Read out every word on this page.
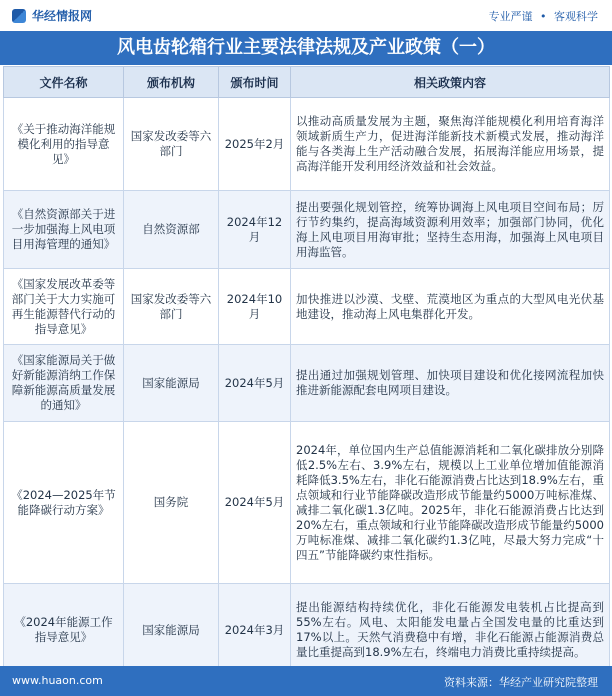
华经情报网	专业严谨 • 客观科学
风电齿轮箱行业主要法律法规及产业政策（一）
文件名称	颁布机构	颁布时间	相关政策内容
《关于推动海洋能规模化利用的指导意见》	国家发改委等六部门	2025年2月	以推动高质量发展为主题，聚焦海洋能规模化利用培育海洋领域新质生产力，促进海洋能新技术新模式发展，推动海洋能与各类海上生产活动融合发展，拓展海洋能应用场景，提高海洋能开发利用经济效益和社会效益。
《自然资源部关于进一步加强海上风电项目用海管理的通知》	自然资源部	2024年12月	提出要强化规划管控，统筹协调海上风电项目空间布局；厉行节约集约，提高海域资源利用效率；加强部门协同，优化海上风电项目用海审批；坚持生态用海，加强海上风电项目用海监管。
《国家发展改革委等部门关于大力实施可再生能源替代行动的指导意见》	国家发改委等六部门	2024年10月	加快推进以沙漠、戈壁、荒漠地区为重点的大型风电光伏基地建设，推动海上风电集群化开发。
《国家能源局关于做好新能源消纳工作保障新能源高质量发展的通知》	国家能源局	2024年5月	提出通过加强规划管理、加快项目建设和优化接网流程加快推进新能源配套电网项目建设。
《2024—2025年节能降碳行动方案》	国务院	2024年5月	2024年，单位国内生产总值能源消耗和二氧化碳排放分别降低2.5%左右、3.9%左右，规模以上工业单位增加值能源消耗降低3.5%左右，非化石能源消费占比达到18.9%左右，重点领域和行业节能降碳改造形成节能量约5000万吨标准煤、减排二氧化碳1.3亿吨。2025年，非化石能源消费占比达到20%左右，重点领域和行业节能降碳改造形成节能量约5000万吨标准煤、减排二氧化碳约1.3亿吨，尽最大努力完成“十四五”节能降碳约束性指标。
《2024年能源工作指导意见》	国家能源局	2024年3月	提出能源结构持续优化，非化石能源发电装机占比提高到55%左右。风电、太阳能发电量占全国发电量的比重达到17%以上。天然气消费稳中有增，非化石能源占能源消费总量比重提高到18.9%左右，终端电力消费比重持续提高。
www.huaon.com	资料来源：华经产业研究院整理
